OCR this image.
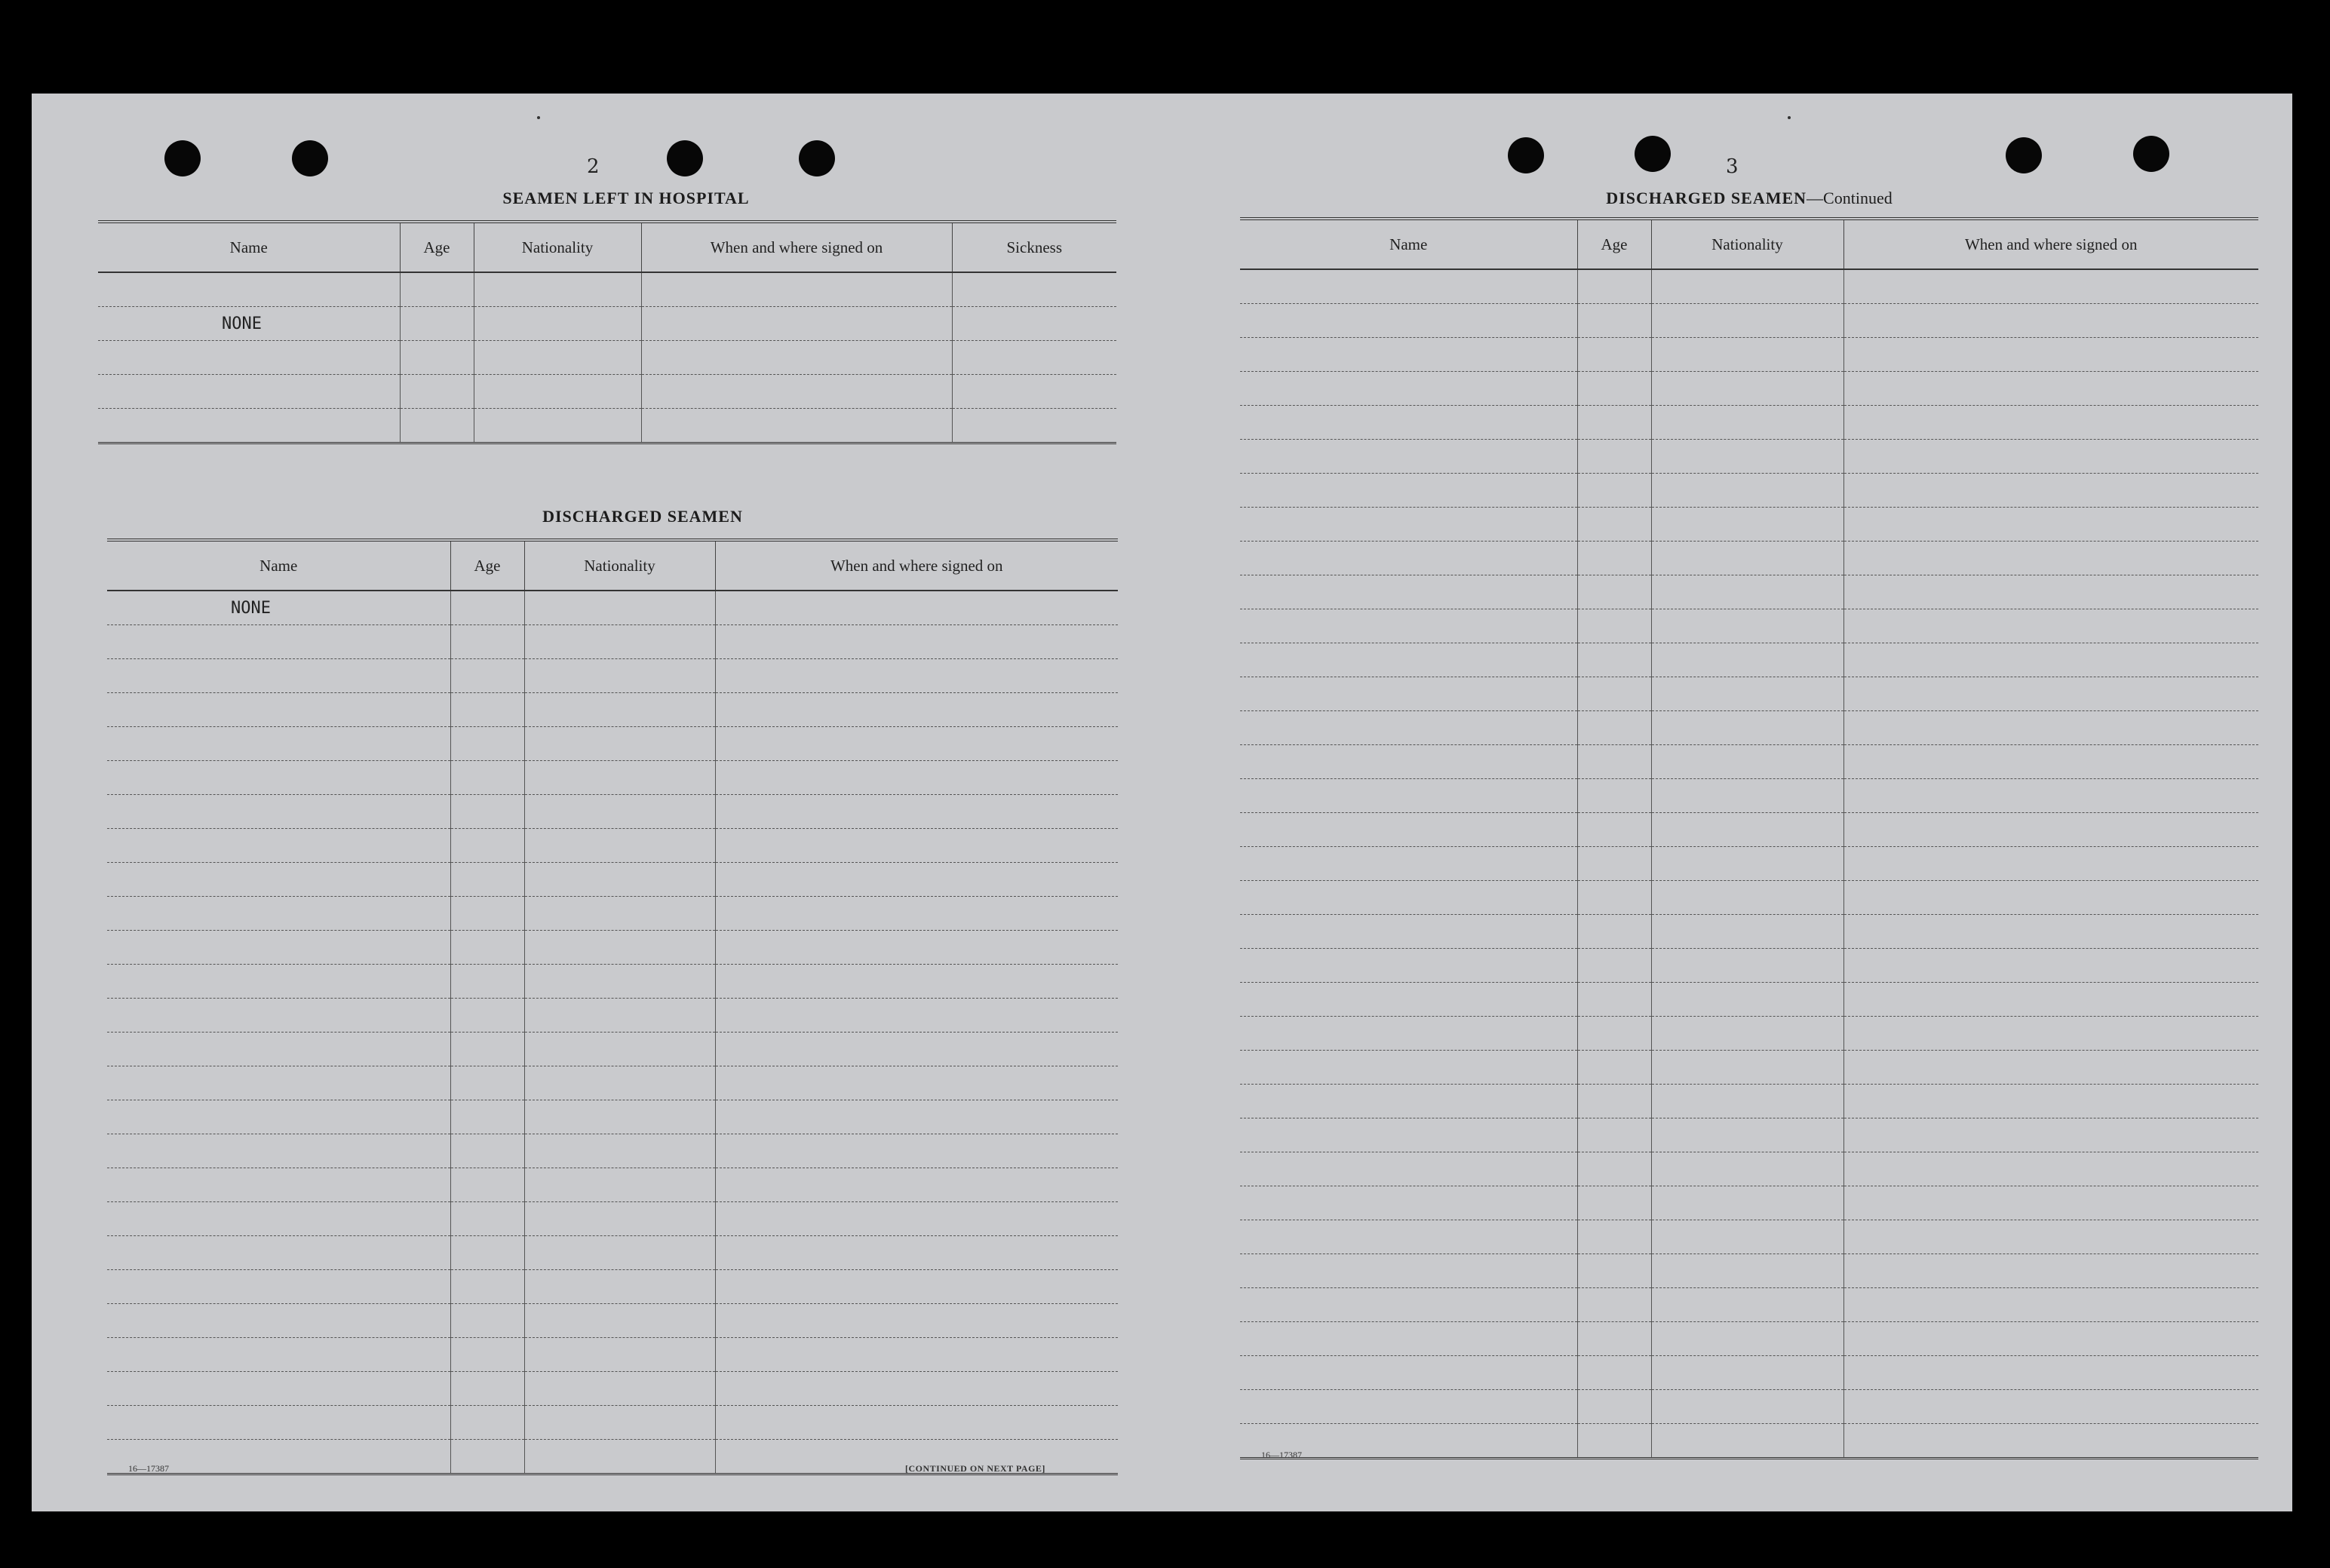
2	3
SEAMEN LEFT IN HOSPITAL
Name	Age	Nationality	When and where signed on	Sickness

NONE				

DISCHARGED SEAMEN
Name	Age	Nationality	When and where signed on
NONE			

16—17387	[CONTINUED ON NEXT PAGE]
DISCHARGED SEAMEN—Continued
Name	Age	Nationality	When and where signed on

16—17387
